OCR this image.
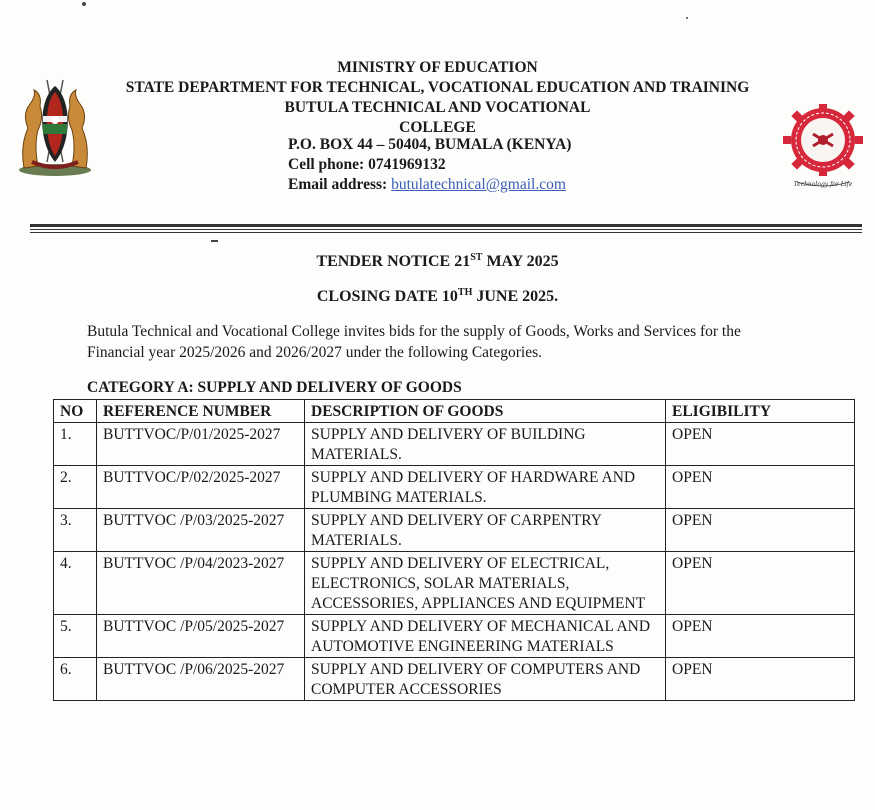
Technology for Life
MINISTRY OF EDUCATION
STATE DEPARTMENT FOR TECHNICAL, VOCATIONAL EDUCATION AND TRAINING
BUTULA TECHNICAL AND VOCATIONAL
COLLEGE
P.O. BOX 44 – 50404, BUMALA (KENYA)
Cell phone: 0741969132
Email address: butulatechnical@gmail.com
TENDER NOTICE 21ST MAY 2025
CLOSING DATE 10TH JUNE 2025.
Butula Technical and Vocational College invites bids for the supply of Goods, Works and Services for the Financial year 2025/2026 and 2026/2027 under the following Categories.
CATEGORY A: SUPPLY AND DELIVERY OF GOODS
NO	REFERENCE NUMBER	DESCRIPTION OF GOODS	ELIGIBILITY
1.	BUTTVOC/P/01/2025-2027	SUPPLY AND DELIVERY OF BUILDING MATERIALS.	OPEN
2.	BUTTVOC/P/02/2025-2027	SUPPLY AND DELIVERY OF HARDWARE AND PLUMBING MATERIALS.	OPEN
3.	BUTTVOC /P/03/2025-2027	SUPPLY AND DELIVERY OF CARPENTRY MATERIALS.	OPEN
4.	BUTTVOC /P/04/2023-2027	SUPPLY AND DELIVERY OF ELECTRICAL, ELECTRONICS, SOLAR MATERIALS, ACCESSORIES, APPLIANCES AND EQUIPMENT	OPEN
5.	BUTTVOC /P/05/2025-2027	SUPPLY AND DELIVERY OF MECHANICAL AND AUTOMOTIVE ENGINEERING MATERIALS	OPEN
6.	BUTTVOC /P/06/2025-2027	SUPPLY AND DELIVERY OF COMPUTERS AND COMPUTER ACCESSORIES	OPEN
